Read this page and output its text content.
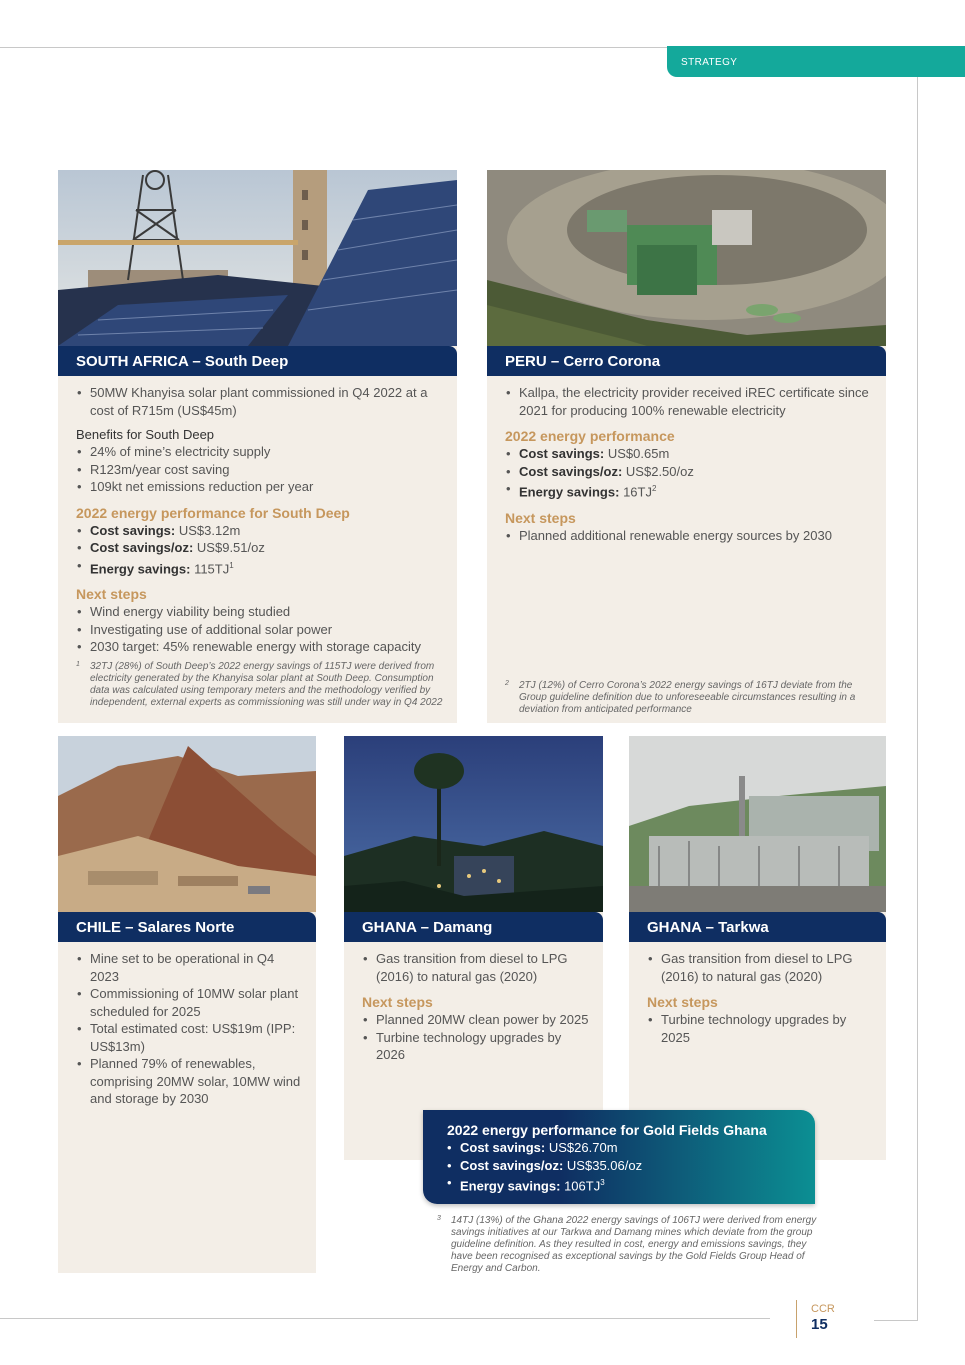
STRATEGY
SOUTH AFRICA – South Deep
• 50MW Khanyisa solar plant commissioned in Q4 2022 at a cost of R715m (US$45m)
Benefits for South Deep
• 24% of mine’s electricity supply
• R123m/year cost saving
• 109kt net emissions reduction per year
2022 energy performance for South Deep
• Cost savings: US$3.12m
• Cost savings/oz: US$9.51/oz
• Energy savings: $115TJ^1$
Next steps
• Wind energy viability being studied
• Investigating use of additional solar power
• 2030 target: 45% renewable energy with storage capacity
1 32TJ (28%) of South Deep’s 2022 energy savings of 115TJ were derived from electricity generated by the Khanyisa solar plant at South Deep. Consumption data was calculated using temporary meters and the methodology verified by independent, external experts as commissioning was still under way in Q4 2022
PERU – Cerro Corona
• Kallpa, the electricity provider received iREC certificate since 2021 for producing 100% renewable electricity
2022 energy performance
• Cost savings: US$0.65m
• Cost savings/oz: US$2.50/oz
• Energy savings: $16TJ^2$
Next steps
• Planned additional renewable energy sources by 2030
2 2TJ (12%) of Cerro Corona’s 2022 energy savings of 16TJ deviate from the Group guideline definition due to unforeseeable circumstances resulting in a deviation from anticipated performance
CHILE – Salares Norte
• Mine set to be operational in Q4 2023
• Commissioning of 10MW solar plant scheduled for 2025
• Total estimated cost: US$19m (IPP: US$13m)
• Planned 79% of renewables, comprising 20MW solar, 10MW wind and storage by 2030
GHANA – Damang
• Gas transition from diesel to LPG (2016) to natural gas (2020)
Next steps
• Planned 20MW clean power by 2025
• Turbine technology upgrades by 2026
GHANA – Tarkwa
• Gas transition from diesel to LPG (2016) to natural gas (2020)
Next steps
• Turbine technology upgrades by 2025
2022 energy performance for Gold Fields Ghana
• Cost savings: US$26.70m
• Cost savings/oz: US$35.06/oz
• Energy savings: $106TJ^3$
3 14TJ (13%) of the Ghana 2022 energy savings of 106TJ were derived from energy savings initiatives at our Tarkwa and Damang mines which deviate from the group guideline definition. As they resulted in cost, energy and emissions savings, they have been recognised as exceptional savings by the Gold Fields Group Head of Energy and Carbon.
CCR
15
